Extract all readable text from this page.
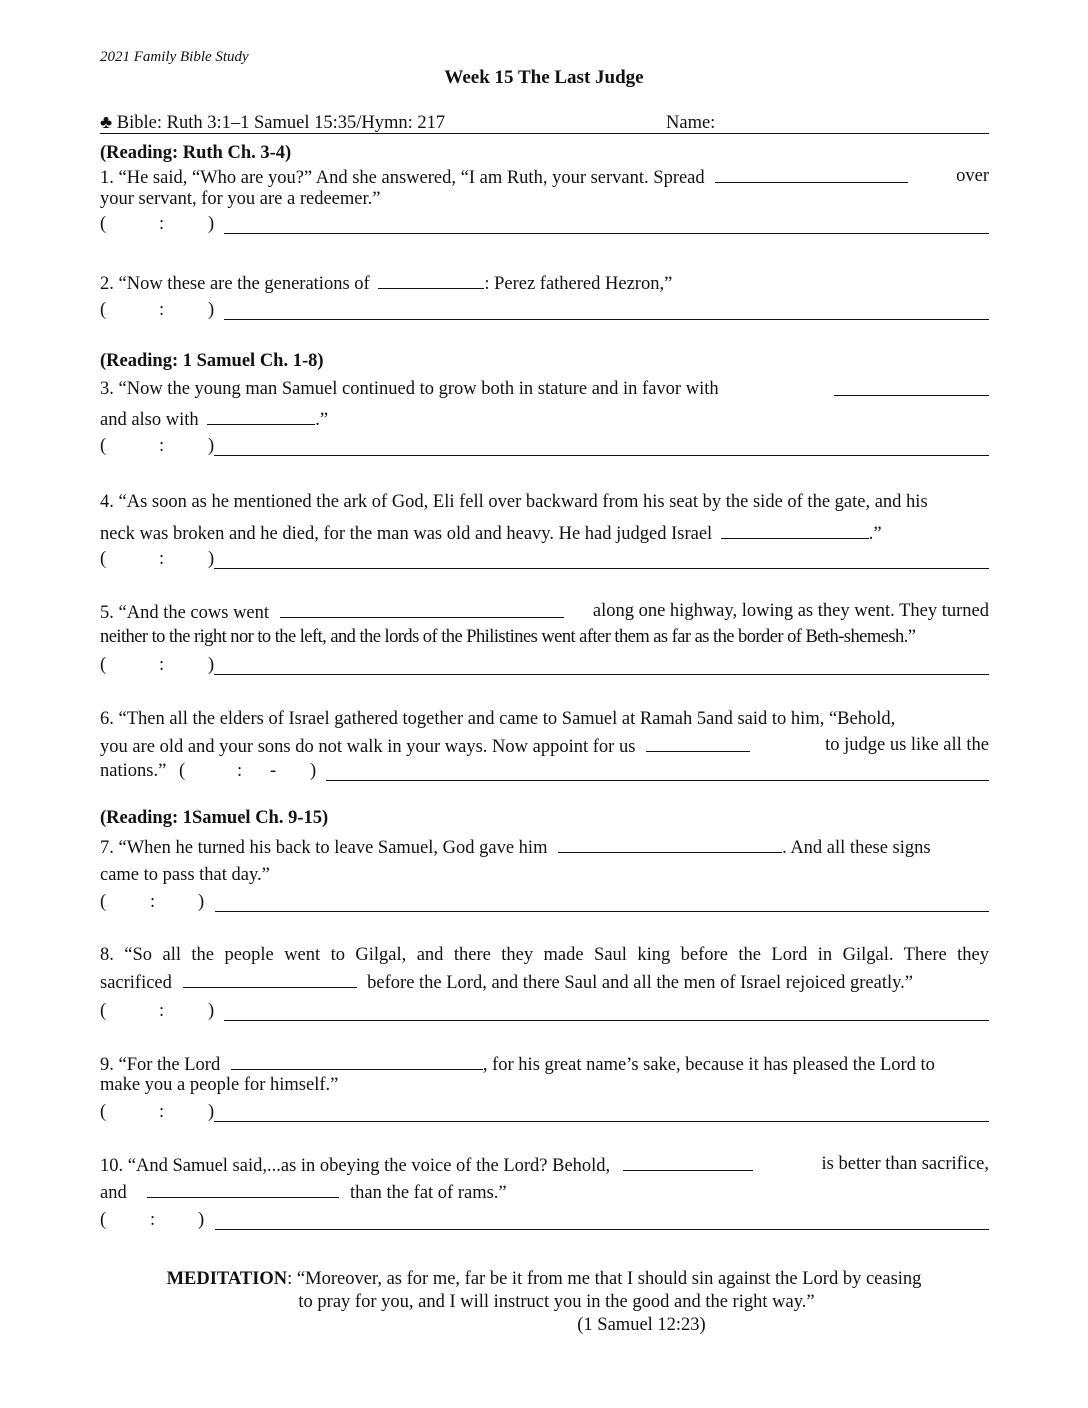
2021 Family Bible Study
Week 15 The Last Judge
♣ Bible: Ruth 3:1–1 Samuel 15:35/Hymn: 217	Name:
(Reading: Ruth Ch. 3-4)
1. “He said, “Who are you?” And she answered, “I am Ruth, your servant. Spread	over
your servant, for you are a redeemer.”
(	: )
2. “Now these are the generations of	: Perez fathered Hezron,”
(	: )
(Reading: 1 Samuel Ch. 1-8)
3. “Now the young man Samuel continued to grow both in stature and in favor with
and also with	.”
(	: )
4. “As soon as he mentioned the ark of God, Eli fell over backward from his seat by the side of the gate, and his
neck was broken and he died, for the man was old and heavy. He had judged Israel	.”
(	: )
5. “And the cows went	along one highway, lowing as they went. They turned
neither to the right nor to the left, and the lords of the Philistines went after them as far as the border of Beth-shemesh.”
(	: )
6. “Then all the elders of Israel gathered together and came to Samuel at Ramah 5and said to him, “Behold,
you are old and your sons do not walk in your ways. Now appoint for us	to judge us like all the
nations.” (	: - )
(Reading: 1Samuel Ch. 9-15)
7. “When he turned his back to leave Samuel, God gave him	. And all these signs
came to pass that day.”
( : )
8. “So all the people went to Gilgal, and there they made Saul king before the Lord in Gilgal. There they
sacrificed	before the Lord, and there Saul and all the men of Israel rejoiced greatly.”
(	: )
9. “For the Lord	, for his great name’s sake, because it has pleased the Lord to
make you a people for himself.”
(	: )
10. “And Samuel said,...as in obeying the voice of the Lord? Behold,	is better than sacrifice,
and	than the fat of rams.”
( : )
MEDITATION: “Moreover, as for me, far be it from me that I should sin against the Lord by ceasing
to pray for you, and I will instruct you in the good and the right way.”
(1 Samuel 12:23)
